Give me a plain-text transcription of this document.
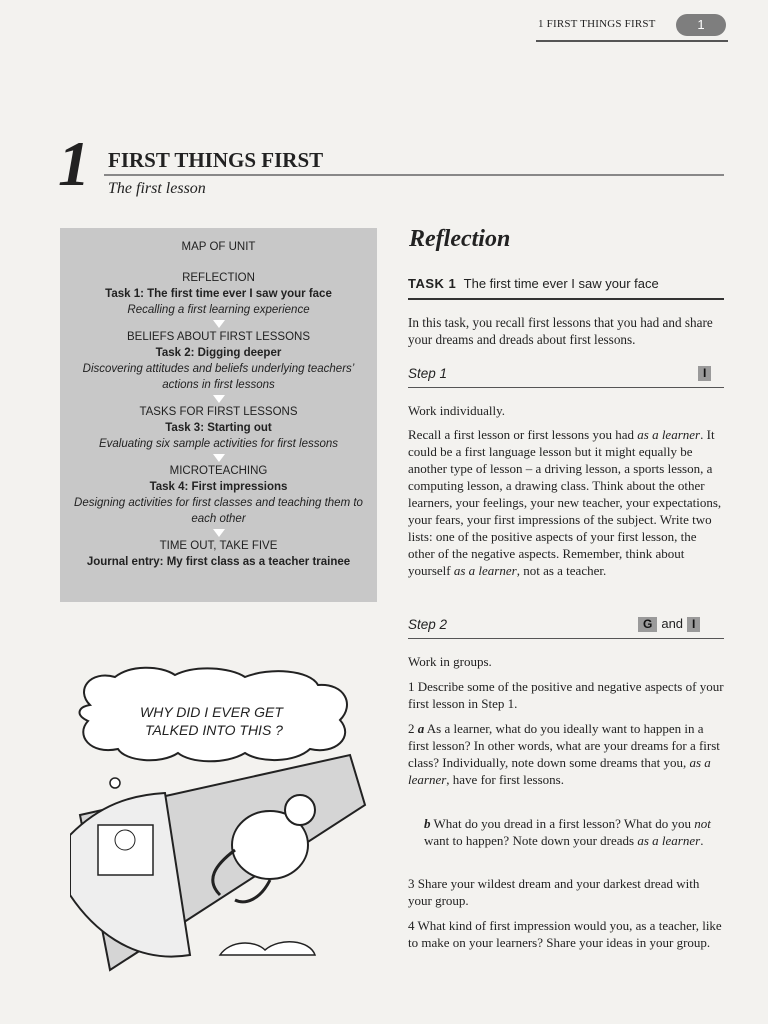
1 FIRST THINGS FIRST	1
1 FIRST THINGS FIRST
The first lesson
MAP OF UNIT
REFLECTION
Task 1: The first time ever I saw your face
Recalling a first learning experience
BELIEFS ABOUT FIRST LESSONS
Task 2: Digging deeper
Discovering attitudes and beliefs underlying teachers’ actions in first lessons
TASKS FOR FIRST LESSONS
Task 3: Starting out
Evaluating six sample activities for first lessons
MICROTEACHING
Task 4: First impressions
Designing activities for first classes and teaching them to each other
TIME OUT, TAKE FIVE
Journal entry: My first class as a teacher trainee
Reflection
TASK 1 The first time ever I saw your face
In this task, you recall first lessons that you had and share your dreams and dreads about first lessons.
Step 1	I
Work individually.
Recall a first lesson or first lessons you had as a learner. It could be a first language lesson but it might equally be another type of lesson – a driving lesson, a sports lesson, a computing lesson, a drawing class. Think about the other learners, your feelings, your new teacher, your expectations, your fears, your first impressions of the subject. Write two lists: one of the positive aspects of your first lesson, the other of the negative aspects. Remember, think about yourself as a learner, not as a teacher.
Step 2	G and I
Work in groups.
1 Describe some of the positive and negative aspects of your first lesson in Step 1.
2 a As a learner, what do you ideally want to happen in a first lesson? In other words, what are your dreams for a first class? Individually, note down some dreams that you, as a learner, have for first lessons.
b What do you dread in a first lesson? What do you not want to happen? Note down your dreads as a learner.
3 Share your wildest dream and your darkest dread with your group.
4 What kind of first impression would you, as a teacher, like to make on your learners? Share your ideas in your group.
WHY DID I EVER GET
TALKED INTO THIS ?
